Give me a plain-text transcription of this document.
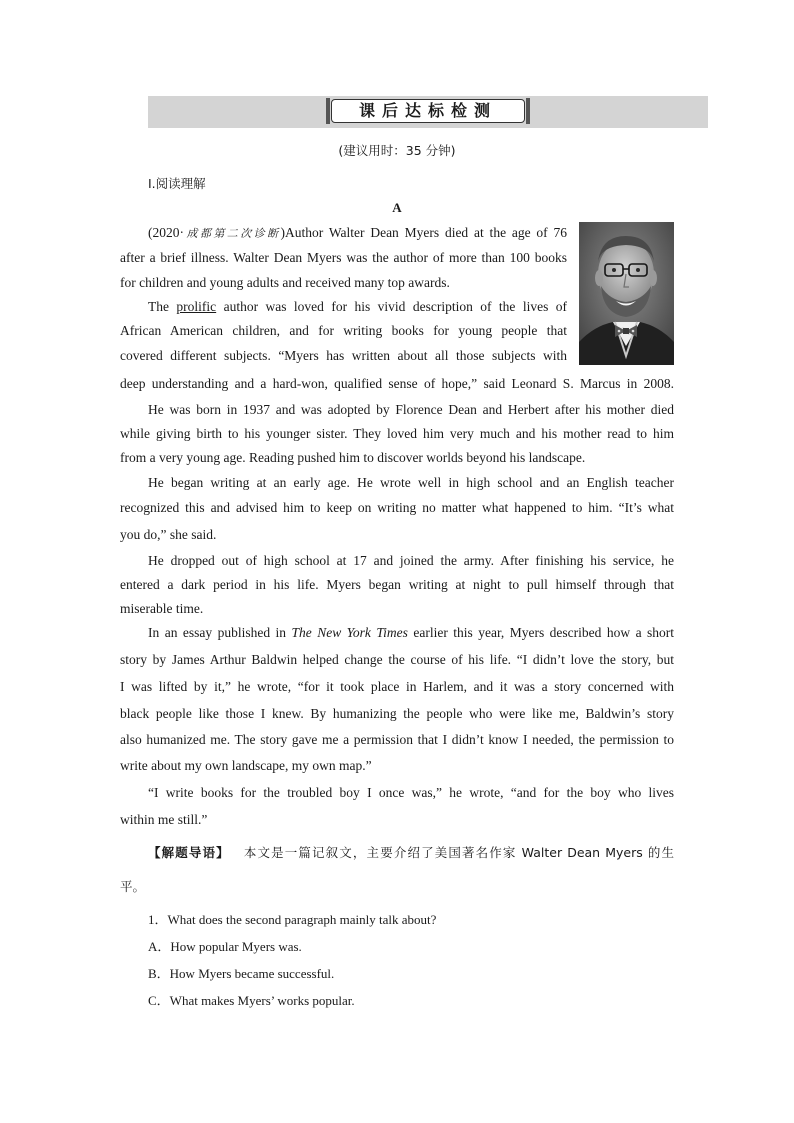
课后达标检测
(建议用时：35 分钟)
Ⅰ.阅读理解
A
(2020·成都第二次诊断)Author Walter Dean Myers died at the age of 76
after a brief illness. Walter Dean Myers was the author of more than 100 books
for children and young adults and received many top awards.
The prolific author was loved for his vivid description of the lives of
African American children, and for writing books for young people that
covered different subjects. “Myers has written about all those subjects with
deep understanding and a hard-won, qualified sense of hope,” said Leonard S. Marcus in 2008.
He was born in 1937 and was adopted by Florence Dean and Herbert after his mother died
while giving birth to his younger sister. They loved him very much and his mother read to him
from a very young age. Reading pushed him to discover worlds beyond his landscape.
He began writing at an early age. He wrote well in high school and an English teacher
recognized this and advised him to keep on writing no matter what happened to him. “It’s what
you do,” she said.
He dropped out of high school at 17 and joined the army. After finishing his service, he
entered a dark period in his life. Myers began writing at night to pull himself through that
miserable time.
In an essay published in The New York Times earlier this year, Myers described how a short
story by James Arthur Baldwin helped change the course of his life. “I didn’t love the story, but
I was lifted by it,” he wrote, “for it took place in Harlem, and it was a story concerned with
black people like those I knew. By humanizing the people who were like me, Baldwin’s story
also humanized me. The story gave me a permission that I didn’t know I needed, the permission to
write about my own landscape, my own map.”
“I write books for the troubled boy I once was,” he wrote, “and for the boy who lives
within me still.”
【解题导语】 本文是一篇记叙文，主要介绍了美国著名作家 Walter Dean Myers 的生
平。
1．What does the second paragraph mainly talk about?
A．How popular Myers was.
B．How Myers became successful.
C．What makes Myers’ works popular.
